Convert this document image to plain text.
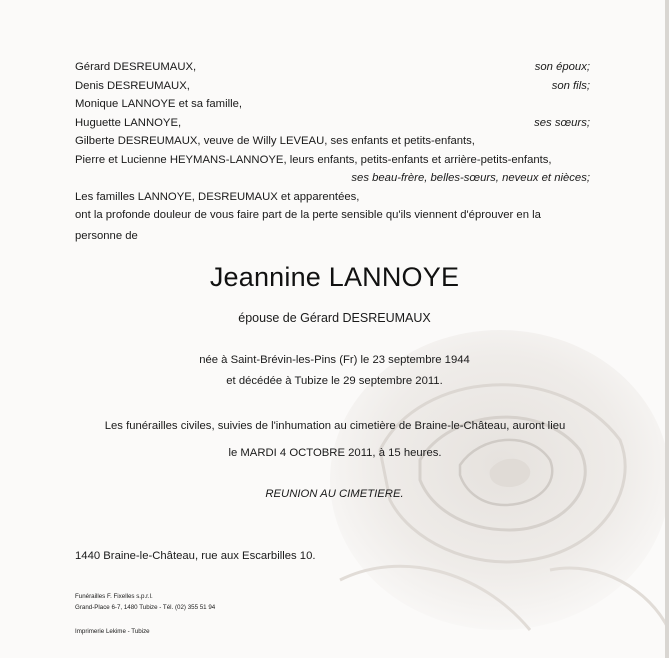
Gérard DESREUMAUX,	son époux;
Denis DESREUMAUX,	son fils;
Monique LANNOYE et sa famille,
Huguette LANNOYE,	ses sœurs;
Gilberte DESREUMAUX, veuve de Willy LEVEAU, ses enfants et petits-enfants,
Pierre et Lucienne HEYMANS-LANNOYE, leurs enfants, petits-enfants et arrière-petits-enfants,
ses beau-frère, belles-sœurs, neveux et nièces;
Les familles LANNOYE, DESREUMAUX et apparentées,

ont la profonde douleur de vous faire part de la perte sensible qu'ils viennent d'éprouver en la

personne de

Jeannine LANNOYE
épouse de Gérard DESREUMAUX
née à Saint-Brévin-les-Pins (Fr) le 23 septembre 1944
et décédée à Tubize le 29 septembre 2011.
Les funérailles civiles, suivies de l'inhumation au cimetière de Braine-le-Château, auront lieu
le MARDI 4 OCTOBRE 2011, à 15 heures.
REUNION AU CIMETIERE.
1440 Braine-le-Château, rue aux Escarbilles 10.
Funérailles F. Fixelles s.p.r.l.
Grand-Place 6-7, 1480 Tubize - Tél. (02) 355 51 94
Imprimerie Lekime - Tubize
